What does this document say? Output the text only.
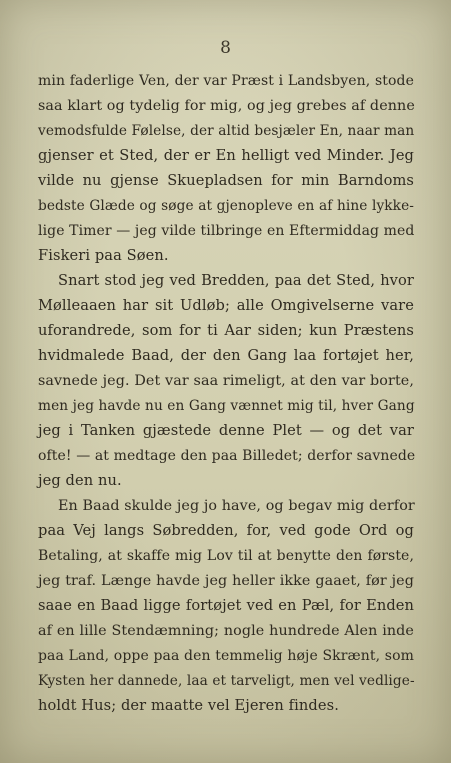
8
min faderlige Ven, der var Præst i Landsbyen, stode
saa klart og tydelig for mig, og jeg grebes af denne
vemodsfulde Følelse, der altid besjæler En, naar man
gjenser et Sted, der er En helligt ved Minder. Jeg
vilde nu gjense Skuepladsen for min Barndoms
bedste Glæde og søge at gjenopleve en af hine lykke-
lige Timer — jeg vilde tilbringe en Eftermiddag med
Fiskeri paa Søen.
Snart stod jeg ved Bredden, paa det Sted, hvor
Mølleaaen har sit Udløb; alle Omgivelserne vare
uforandrede, som for ti Aar siden; kun Præstens
hvidmalede Baad, der den Gang laa fortøjet her,
savnede jeg. Det var saa rimeligt, at den var borte,
men jeg havde nu en Gang vænnet mig til, hver Gang
jeg i Tanken gjæstede denne Plet — og det var
ofte! — at medtage den paa Billedet; derfor savnede
jeg den nu.
En Baad skulde jeg jo have, og begav mig derfor
paa Vej langs Søbredden, for, ved gode Ord og
Betaling, at skaffe mig Lov til at benytte den første,
jeg traf. Længe havde jeg heller ikke gaaet, før jeg
saae en Baad ligge fortøjet ved en Pæl, for Enden
af en lille Stendæmning; nogle hundrede Alen inde
paa Land, oppe paa den temmelig høje Skrænt, som
Kysten her dannede, laa et tarveligt, men vel vedlige-
holdt Hus; der maatte vel Ejeren findes.
